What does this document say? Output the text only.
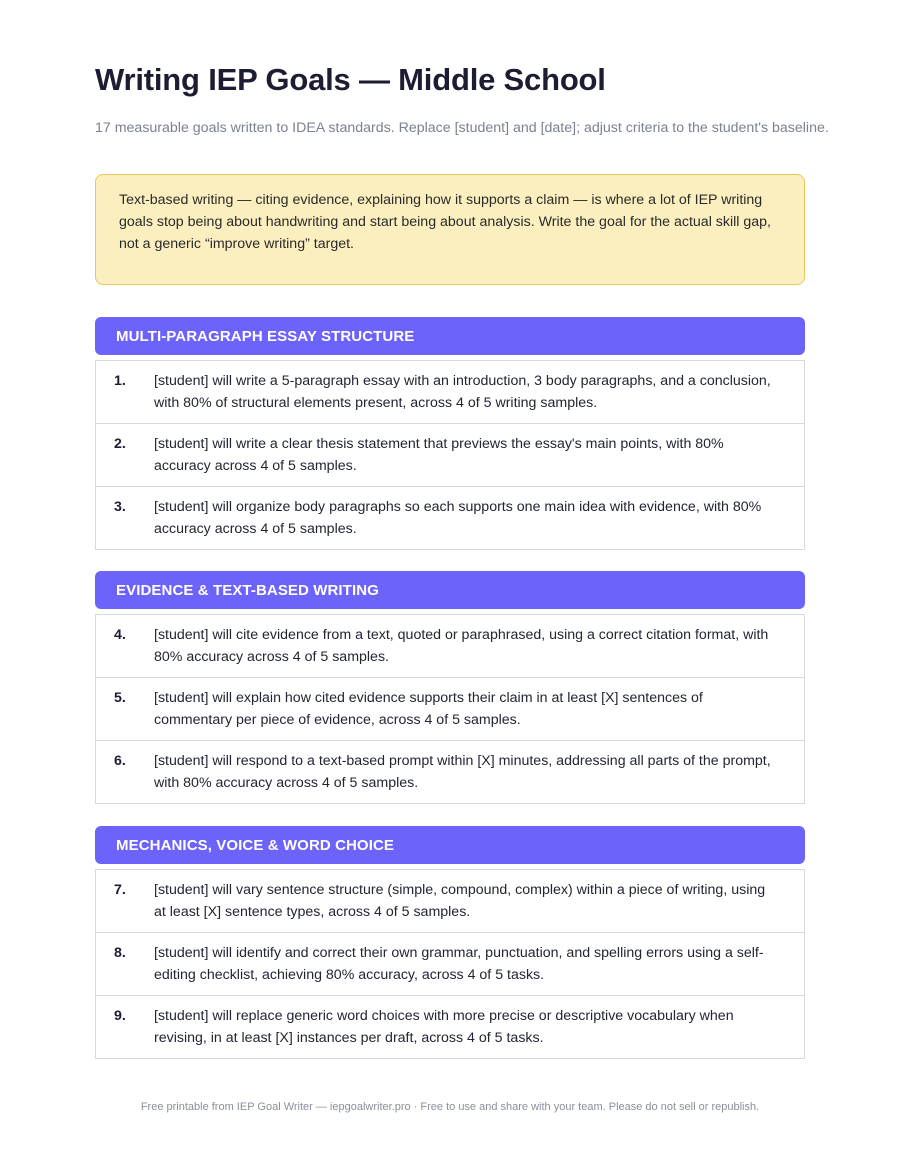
Writing IEP Goals — Middle School

17 measurable goals written to IDEA standards. Replace [student] and [date]; adjust criteria to the student's baseline.

Text-based writing — citing evidence, explaining how it supports a claim — is where a lot of IEP writing goals stop being about handwriting and start being about analysis. Write the goal for the actual skill gap, not a generic “improve writing” target.
MULTI-PARAGRAPH ESSAY STRUCTURE
1. [student] will write a 5-paragraph essay with an introduction, 3 body paragraphs, and a conclusion, with 80% of structural elements present, across 4 of 5 writing samples.
2. [student] will write a clear thesis statement that previews the essay's main points, with 80% accuracy across 4 of 5 samples.
3. [student] will organize body paragraphs so each supports one main idea with evidence, with 80% accuracy across 4 of 5 samples.
EVIDENCE & TEXT-BASED WRITING
4. [student] will cite evidence from a text, quoted or paraphrased, using a correct citation format, with 80% accuracy across 4 of 5 samples.
5. [student] will explain how cited evidence supports their claim in at least [X] sentences of commentary per piece of evidence, across 4 of 5 samples.
6. [student] will respond to a text-based prompt within [X] minutes, addressing all parts of the prompt, with 80% accuracy across 4 of 5 samples.
MECHANICS, VOICE & WORD CHOICE
7. [student] will vary sentence structure (simple, compound, complex) within a piece of writing, using at least [X] sentence types, across 4 of 5 samples.
8. [student] will identify and correct their own grammar, punctuation, and spelling errors using a self-editing checklist, achieving 80% accuracy, across 4 of 5 tasks.
9. [student] will replace generic word choices with more precise or descriptive vocabulary when revising, in at least [X] instances per draft, across 4 of 5 tasks.
Free printable from IEP Goal Writer — iepgoalwriter.pro · Free to use and share with your team. Please do not sell or republish.
